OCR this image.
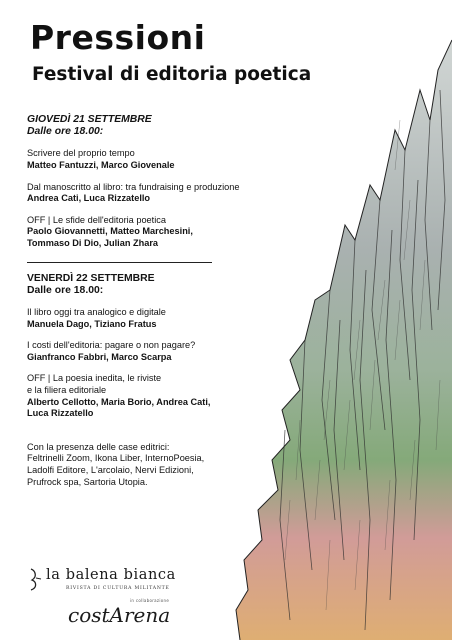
Pressioni
Festival di editoria poetica
GIOVEDÌ 21 SETTEMBRE
Dalle ore 18.00:
Scrivere del proprio tempo
Matteo Fantuzzi, Marco Giovenale
Dal manoscritto al libro: tra fundraising e produzione
Andrea Cati, Luca Rizzatello
OFF | Le sfide dell'editoria poetica
Paolo Giovannetti, Matteo Marchesini,
Tommaso Di Dio, Julian Zhara
VENERDÌ 22 SETTEMBRE
Dalle ore 18.00:
Il libro oggi tra analogico e digitale
Manuela Dago, Tiziano Fratus
I costi dell'editoria: pagare o non pagare?
Gianfranco Fabbri, Marco Scarpa
OFF | La poesia inedita, le riviste
e la filiera editoriale
Alberto Cellotto, Maria Borio, Andrea Cati,
Luca Rizzatello
Con la presenza delle case editrici:
Feltrinelli Zoom, Ikona Liber, InternoPoesia,
Ladolfi Editore, L'arcolaio, Nervi Edizioni,
Prufrock spa, Sartoria Utopia.
la balena bianca
RIVISTA DI CULTURA MILITANTE
in collaborazione
costArena
